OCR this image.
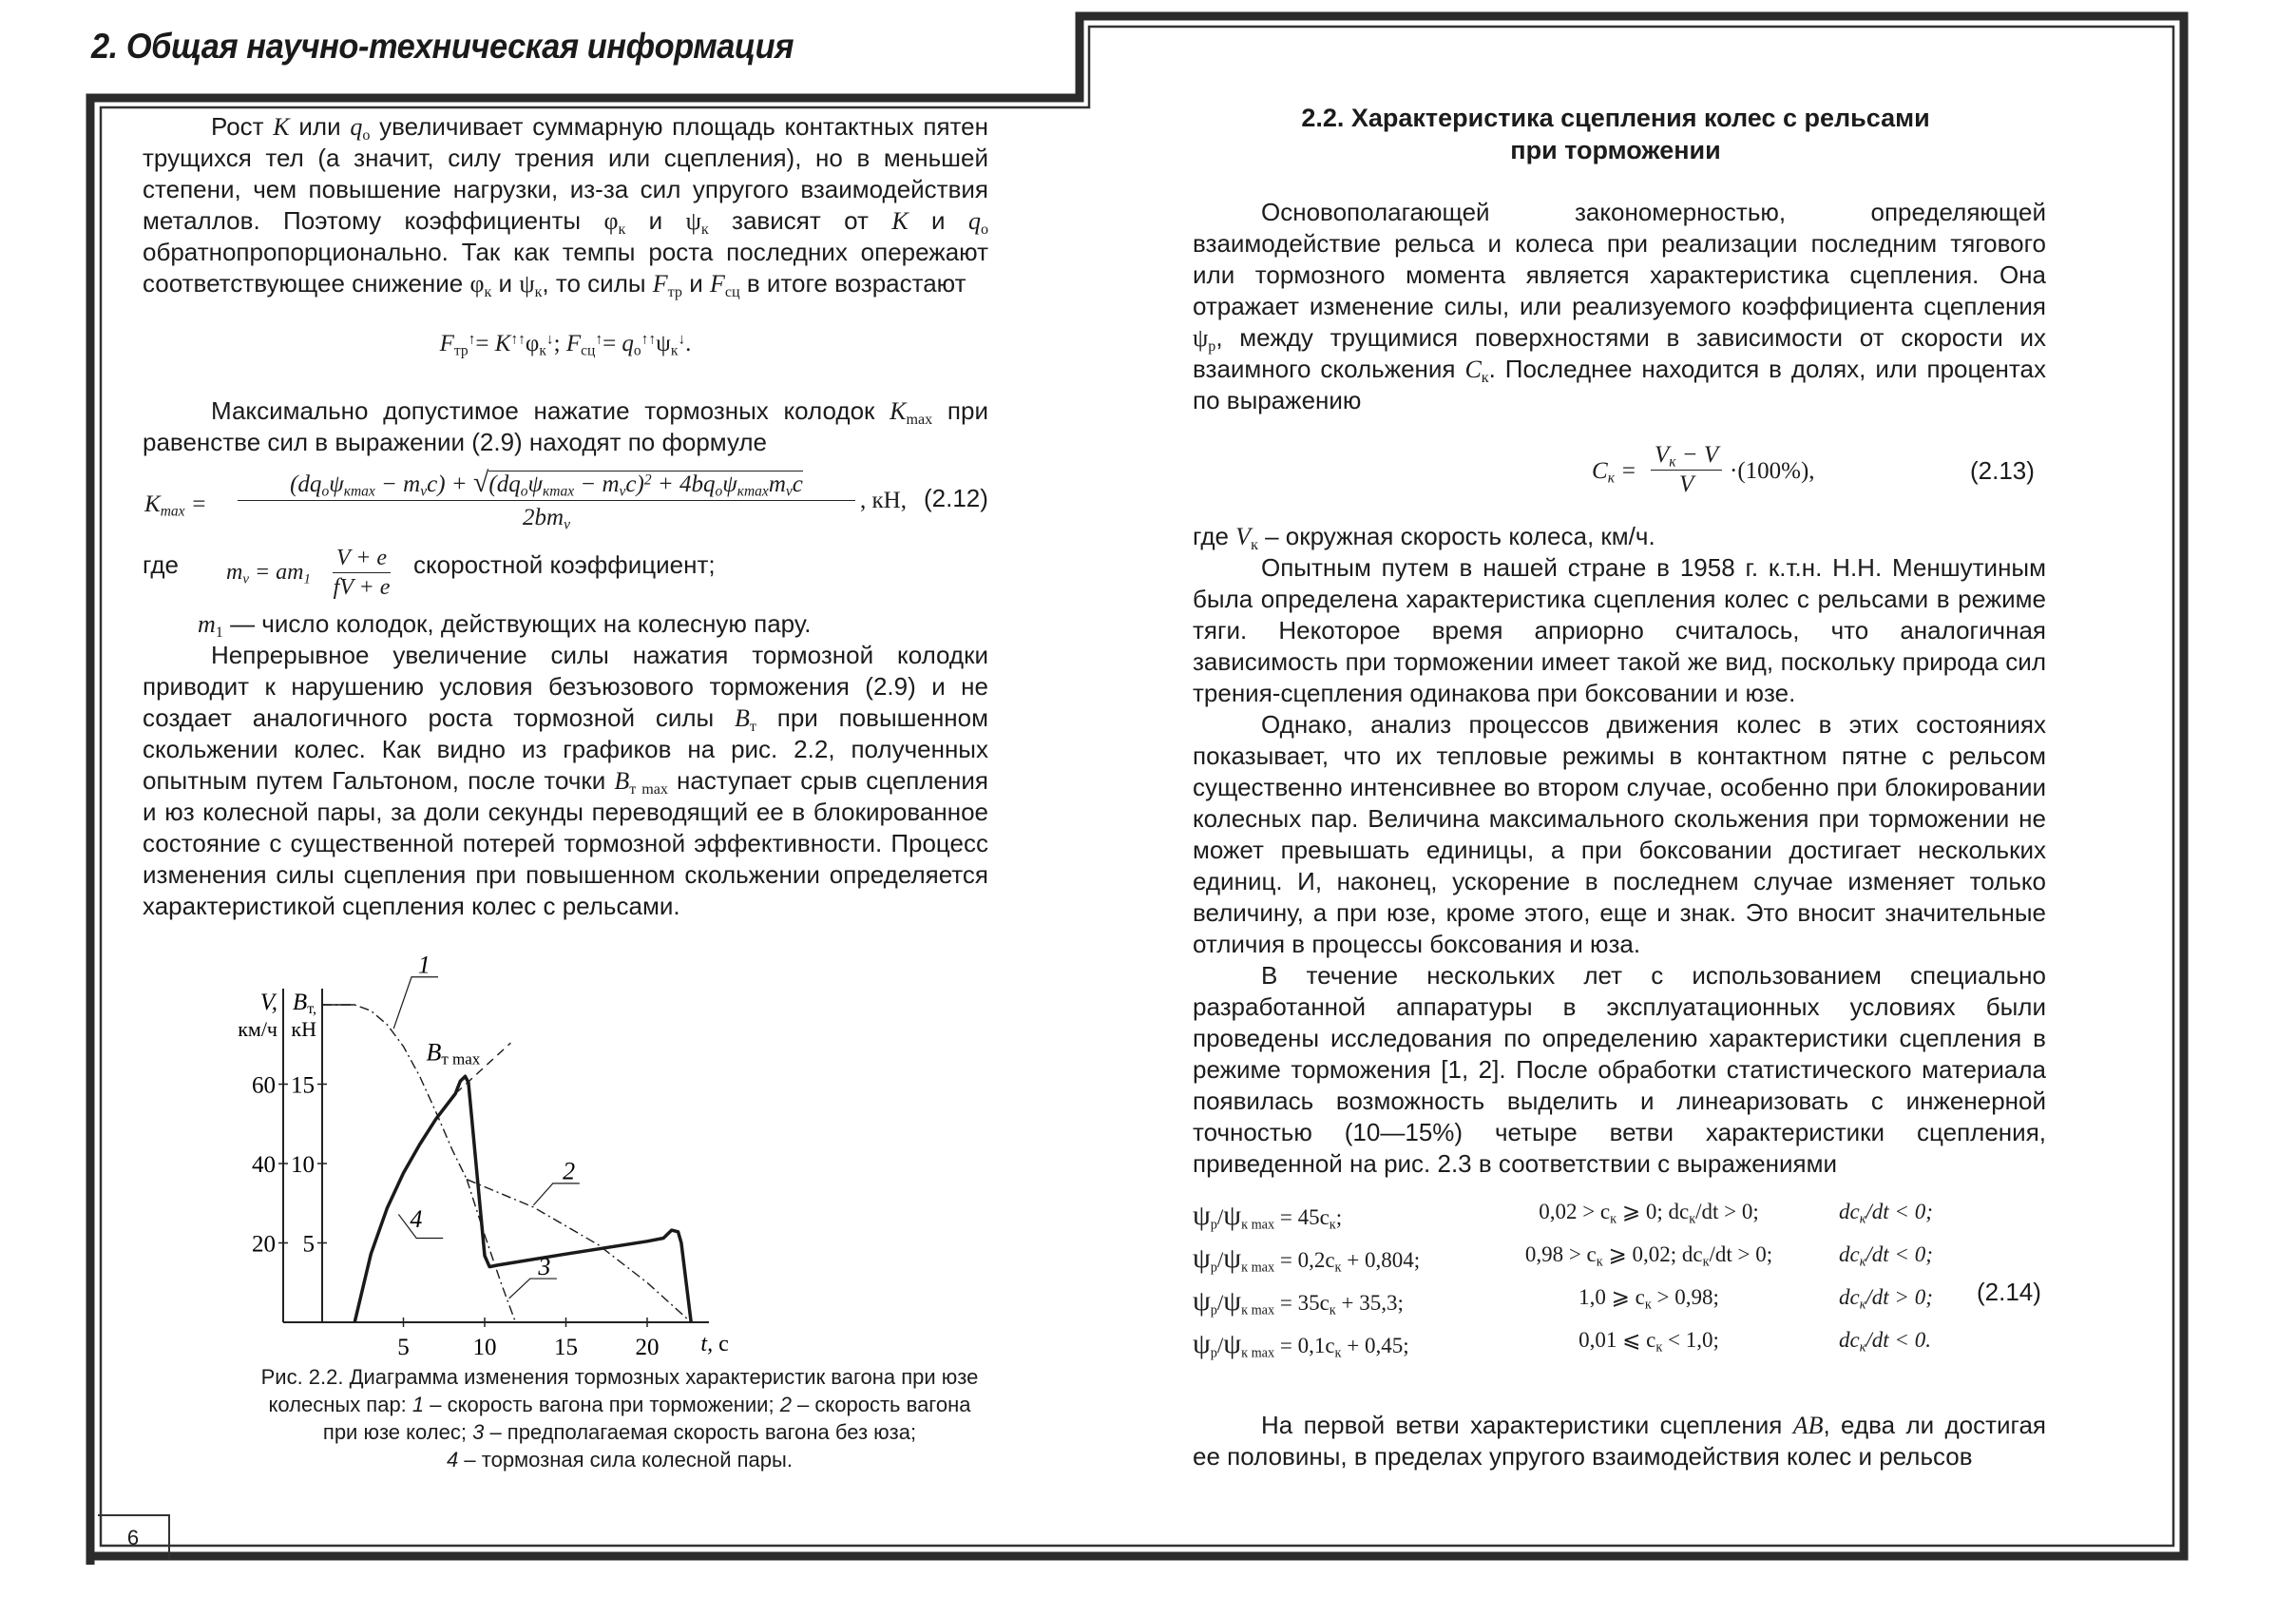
2. Общая научно-техническая информация

Рост K или $q_o$ увеличивает суммарную площадь контактных пятен трущихся тел (а значит, силу трения или сцепления), но в меньшей степени, чем повышение нагрузки, из-за сил упругого взаимодействия металлов. Поэтому коэффициенты $\varphi_к$ и $\psi_к$ зависят от K и $q_o$ обратнопропорционально. Так как темпы роста последних опережают соответствующее снижение $\varphi_к$ и $\psi_к$, то силы $F_{тр}$ и $F_{сц}$ в итоге возрастают

$F_{тр}^↑= K^{↑↑}\varphi_к^↓$; $F_{сц}^↑= q_o^{↑↑}\psi_к^↓$.

Максимально допустимое нажатие тормозных колодок $K_{max}$ при равенстве сил в выражении (2.9) находят по формуле

$K_{max}$ =
$(dq_o\psi_{кmax} - m_vc) + √(dq_o\psi_{кmax} - m_vc)^2 + 4bq_o\psi_{кmax}m_vc$
$2bm_v$
, кН, (2.12)
где $m_v = am_1 \frac{V + e}{fV + e}$ скоростной коэффициент;

$m_1$ — число колодок, действующих на колесную пару.

Непрерывное увеличение силы нажатия тормозной колодки приводит к нарушению условия безъюзового торможения (2.9) и не создает аналогичного роста тормозной силы $B_т$ при повышенном скольжении колес. Как видно из графиков на рис. 2.2, полученных опытным путем Гальтоном, после точки $B_{т max}$ наступает срыв сцепления и юз колесной пары, за доли секунды переводящий ее в блокированное состояние с существенной потерей тормозной эффективности. Процесс изменения силы сцепления при повышенном скольжении определяется характеристикой сцепления колес с рельсами.

5	10 15 20
20
40
60
5
10
15
V,
км/ч
Bт,
кН
t, c
1
2
3
4
Bт max
Рис. 2.2. Диаграмма изменения тормозных характеристик вагона при юзе колесных пар: 1 – скорость вагона при торможении; 2 – скорость вагона при юзе колес; 3 – предполагаемая скорость вагона без юза;
4 – тормозная сила колесной пары.
6
2.2. Характеристика сцепления колес с рельсами
при торможении

Основополагающей закономерностью, определяющей взаимодействие рельса и колеса при реализации последним тягового или тормозного момента является характеристика сцепления. Она отражает изменение силы, или реализуемого коэффициента сцепления $\psi_р$, между трущимися поверхностями в зависимости от скорости их взаимного скольжения $C_к$. Последнее находится в долях, или процентах по выражению

$C_к$ =
$V_к - V$
V
·(100%),	(2.13)

где $V_к$ – окружная скорость колеса, км/ч.

Опытным путем в нашей стране в 1958 г. к.т.н. Н.Н. Меншутиным была определена характеристика сцепления колес с рельсами в режиме тяги. Некоторое время априорно считалось, что аналогичная зависимость при торможении имеет такой же вид, поскольку природа сил трения-сцепления одинакова при боксовании и юзе.

Однако, анализ процессов движения колес в этих состояниях показывает, что их тепловые режимы в контактном пятне с рельсом существенно интенсивнее во втором случае, особенно при блокировании колесных пар. Величина максимального скольжения при торможении не может превышать единицы, а при боксовании достигает нескольких единиц. И, наконец, ускорение в последнем случае изменяет только величину, а при юзе, кроме этого, еще и знак. Это вносит значительные отличия в процессы боксования и юза.

В течение нескольких лет с использованием специально разработанной аппаратуры в эксплуатационных условиях были проведены исследования по определению характеристики сцепления в режиме торможения [1, 2]. После обработки статистического материала появилась возможность выделить и линеаризовать с инженерной точностью (10—15%) четыре ветви характеристики сцепления, приведенной на рис. 2.3 в соответствии с выражениями

$\psi_р/\psi_{к max} = 45c_к$;	$0,02 > c_к$ ⩾ 0; $dc_к/dt > 0$;	$dc_к/dt < 0$;
$\psi_р/\psi_{к max} = 0,2c_к + 0,804$;	$0,98 > c_к$ ⩾ 0,02; $dc_к/dt > 0$;	$dc_к/dt < 0$;
$\psi_р/\psi_{к max} = 35c_к + 35,3$;	1,0 ⩾ $c_к > 0,98$;	$dc_к/dt > 0$;
$\psi_р/\psi_{к max} = 0,1c_к + 0,45$;	0,01 ⩽ $c_к < 1,0$;	$dc_к/dt < 0$.
(2.14)

На первой ветви характеристики сцепления AB, едва ли достигая ее половины, в пределах упругого взаимодействия колес и рельсов
